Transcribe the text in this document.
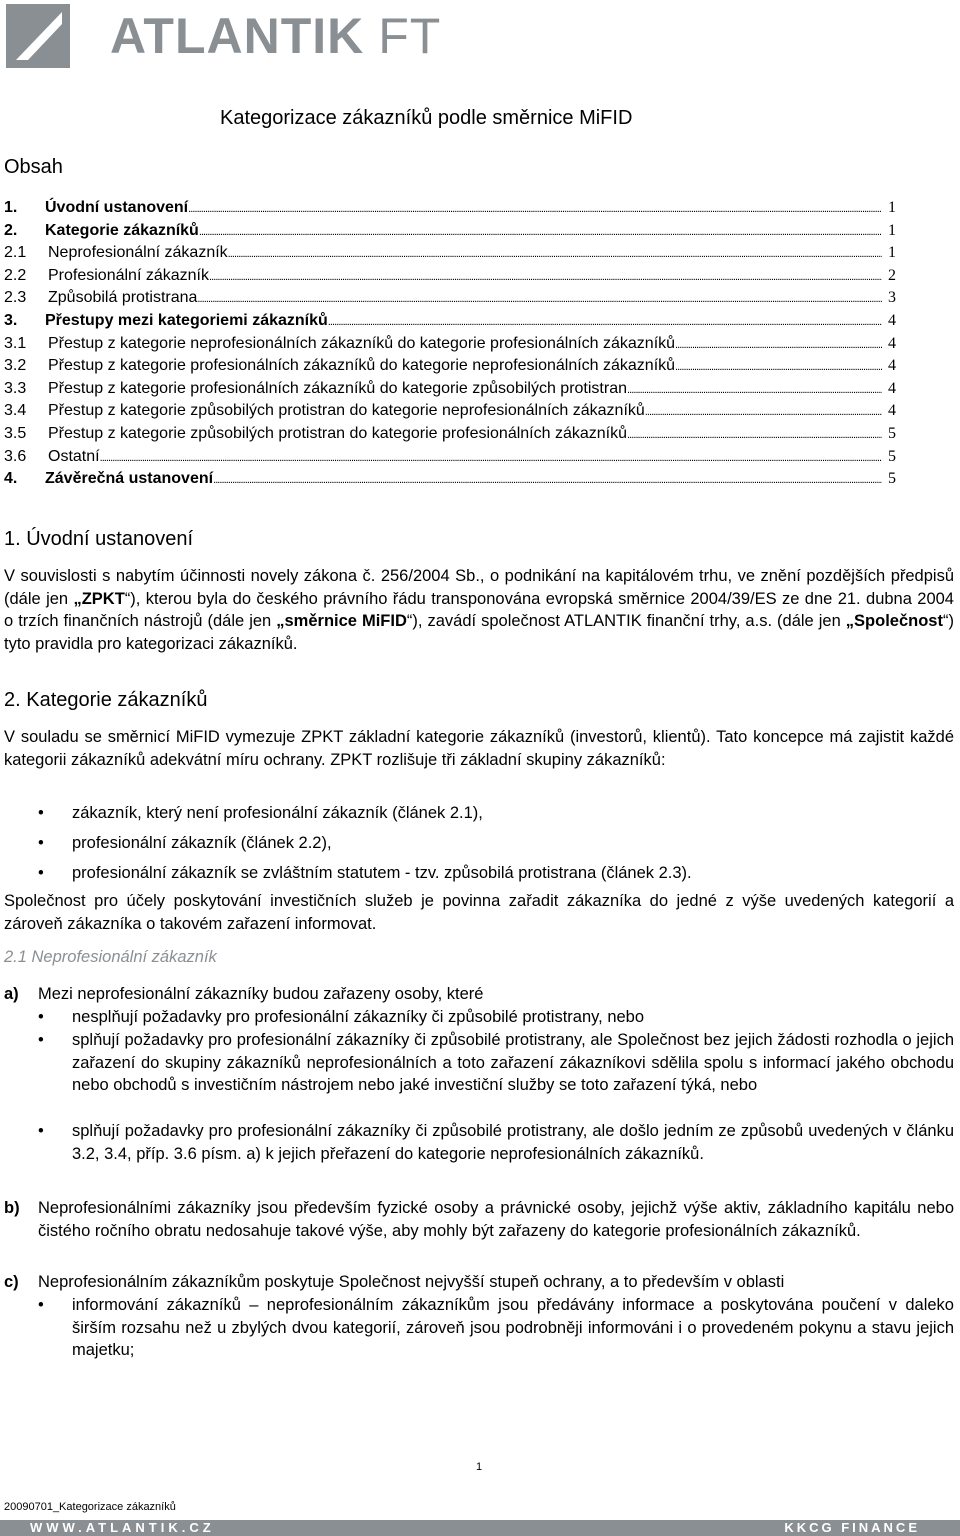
ATLANTIK FT
Kategorizace zákazníků podle směrnice MiFID
Obsah
1.	Úvodní ustanovení . . .	1
2.	Kategorie zákazníků . . .	1
2.1	Neprofesionální zákazník . . .	1
2.2	Profesionální zákazník . . .	2
2.3	Způsobilá protistrana . . .	3
3.	Přestupy mezi kategoriemi zákazníků . . .	4
3.1	Přestup z kategorie neprofesionálních zákazníků do kategorie profesionálních zákazníků . . .	4
3.2	Přestup z kategorie profesionálních zákazníků do kategorie neprofesionálních zákazníků . . .	4
3.3	Přestup z kategorie profesionálních zákazníků do kategorie způsobilých protistran . . .	4
3.4	Přestup z kategorie způsobilých protistran do kategorie neprofesionálních zákazníků . . .	4
3.5	Přestup z kategorie způsobilých protistran do kategorie profesionálních zákazníků . . .	5
3.6	Ostatní . . .	5
4.	Závěrečná ustanovení . . .	5
1. Úvodní ustanovení
V souvislosti s nabytím účinnosti novely zákona č. 256/2004 Sb., o podnikání na kapitálovém trhu, ve znění pozdějších předpisů (dále jen „ZPKT“), kterou byla do českého právního řádu transponována evropská směrnice 2004/39/ES ze dne 21. dubna 2004 o trzích finančních nástrojů (dále jen „směrnice MiFID“), zavádí společnost ATLANTIK finanční trhy, a.s. (dále jen „Společnost“) tyto pravidla pro kategorizaci zákazníků.
2. Kategorie zákazníků
V souladu se směrnicí MiFID vymezuje ZPKT základní kategorie zákazníků (investorů, klientů). Tato koncepce má zajistit každé kategorii zákazníků adekvátní míru ochrany. ZPKT rozlišuje tři základní skupiny zákazníků:
• zákazník, který není profesionální zákazník (článek 2.1),
• profesionální zákazník (článek 2.2),
• profesionální zákazník se zvláštním statutem - tzv. způsobilá protistrana (článek 2.3).
Společnost pro účely poskytování investičních služeb je povinna zařadit zákazníka do jedné z výše uvedených kategorií a zároveň zákazníka o takovém zařazení informovat.
2.1 Neprofesionální zákazník
a) Mezi neprofesionální zákazníky budou zařazeny osoby, které
• nesplňují požadavky pro profesionální zákazníky či způsobilé protistrany, nebo
• splňují požadavky pro profesionální zákazníky či způsobilé protistrany, ale Společnost bez jejich žádosti rozhodla o jejich zařazení do skupiny zákazníků neprofesionálních a toto zařazení zákazníkovi sdělila spolu s informací jakého obchodu nebo obchodů s investičním nástrojem nebo jaké investiční služby se toto zařazení týká, nebo
• splňují požadavky pro profesionální zákazníky či způsobilé protistrany, ale došlo jedním ze způsobů uvedených v článku 3.2, 3.4, příp. 3.6 písm. a) k jejich přeřazení do kategorie neprofesionálních zákazníků.
b) Neprofesionálními zákazníky jsou především fyzické osoby a právnické osoby, jejichž výše aktiv, základního kapitálu nebo čistého ročního obratu nedosahuje takové výše, aby mohly být zařazeny do kategorie profesionálních zákazníků.
c) Neprofesionálním zákazníkům poskytuje Společnost nejvyšší stupeň ochrany, a to především v oblasti
• informování zákazníků – neprofesionálním zákazníkům jsou předávány informace a poskytována poučení v daleko širším rozsahu než u zbylých dvou kategorií, zároveň jsou podrobněji informováni i o provedeném pokynu a stavu jejich majetku;
1
20090701_Kategorizace zákazníků
WWW.ATLANTIK.CZ	KKCG FINANCE
